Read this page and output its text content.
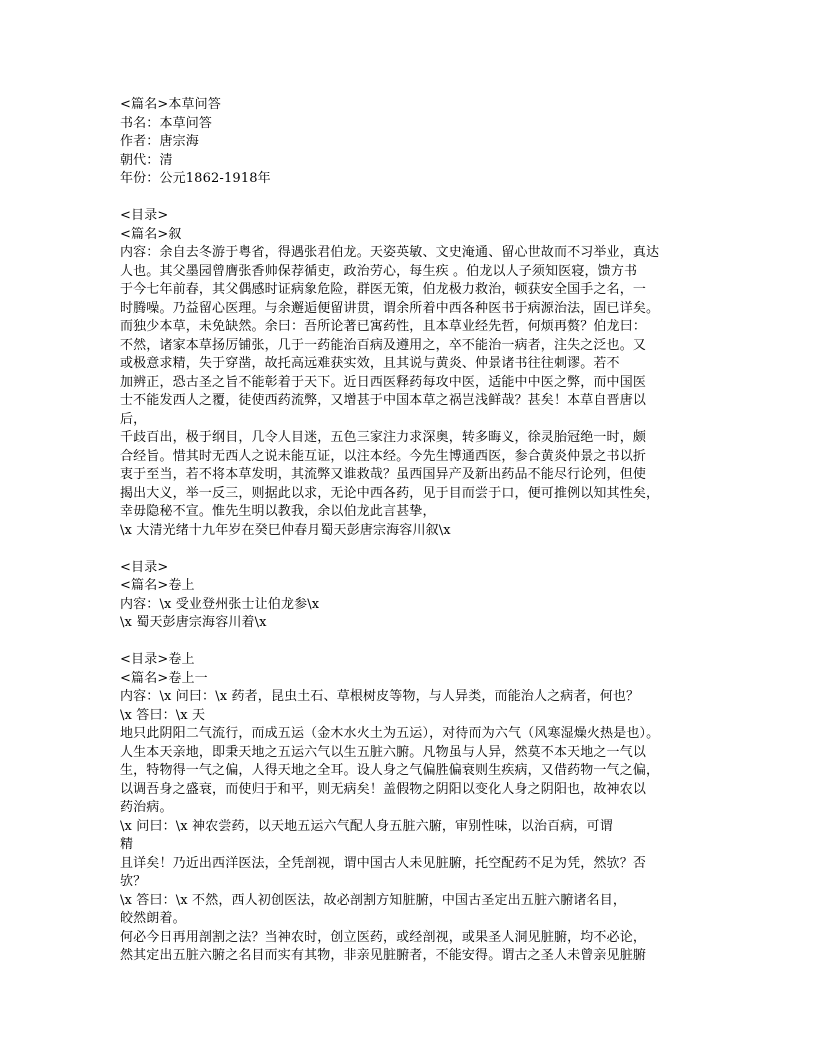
<篇名>本草问答
书名：本草问答
作者：唐宗海
朝代：清
年份：公元1862-1918年
<目录>
<篇名>叙
内容：余自去冬游于粤省，得遇张君伯龙。天姿英敏、文史淹通、留心世故而不习举业，真达
人也。其父墨园曾膺张香帅保荐循吏，政治劳心，每生疾 。伯龙以人子须知医寝，馈方书
于今七年前春，其父偶感时证病象危险，群医无策，伯龙极力救治，顿获安全国手之名，一
时腾噪。乃益留心医理。与余邂逅便留讲贯，谓余所着中西各种医书于病源治法，固已详矣。
而独少本草，未免缺然。余曰：吾所论著已寓药性，且本草业经先哲，何烦再赘？伯龙曰：
不然，诸家本草扬厉铺张，几于一药能治百病及遵用之，卒不能治一病者，注失之泛也。又
或极意求精，失于穿凿，故托高远难获实效，且其说与黄炎、仲景诸书往往刺谬。若不
加辨正，恐古圣之旨不能彰着于天下。近日西医释药每攻中医，适能中中医之弊，而中国医
士不能发西人之覆，徒使西药流弊，又增甚于中国本草之祸岂浅鲜哉？甚矣！本草自晋唐以
后，
千歧百出，极于纲目，几令人目迷，五色三家注力求深奥，转多晦义，徐灵胎冠绝一时，颇
合经旨。惜其时无西人之说未能互证，以注本经。今先生博通西医，参合黄炎仲景之书以折
衷于至当，若不将本草发明，其流弊又谁救哉？虽西国异产及新出药品不能尽行论列，但使
揭出大义，举一反三，则据此以求，无论中西各药，见于目而尝于口，便可推例以知其性矣，
幸毋隐秘不宣。惟先生明以教我，余以伯龙此言甚挚，
\x 大清光绪十九年岁在癸巳仲春月蜀天彭唐宗海容川叙\x
<目录>
<篇名>卷上
内容：\x 受业登州张士让伯龙参\x
\x 蜀天彭唐宗海容川着\x
<目录>卷上
<篇名>卷上一
内容：\x 问曰：\x 药者，昆虫土石、草根树皮等物，与人异类，而能治人之病者，何也？
\x 答曰：\x 天
地只此阴阳二气流行，而成五运（金木水火土为五运），对待而为六气（风寒湿燥火热是也）。
人生本天亲地，即秉天地之五运六气以生五脏六腑。凡物虽与人异，然莫不本天地之一气以
生，特物得一气之偏，人得天地之全耳。设人身之气偏胜偏衰则生疾病，又借药物一气之偏，
以调吾身之盛衰，而使归于和平，则无病矣！盖假物之阴阳以变化人身之阴阳也，故神农以
药治病。
\x 问曰：\x 神农尝药，以天地五运六气配人身五脏六腑，审别性味，以治百病，可谓
精
且详矣！乃近出西洋医法，全凭剖视，谓中国古人未见脏腑，托空配药不足为凭，然欤？否
欤？
\x 答曰：\x 不然，西人初创医法，故必剖割方知脏腑，中国古圣定出五脏六腑诸名目，
皎然朗着。
何必今日再用剖割之法？当神农时，创立医药，或经剖视，或果圣人洞见脏腑，均不必论，
然其定出五脏六腑之名目而实有其物，非亲见脏腑者，不能安得。谓古之圣人未曾亲见脏腑
